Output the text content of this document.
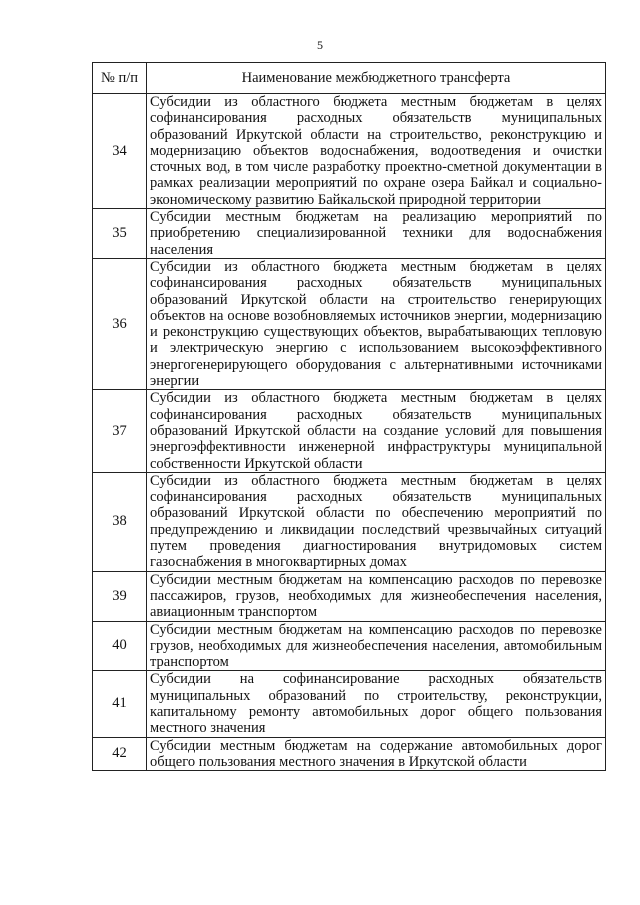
5
№ п/п	Наименование межбюджетного трансферта
34	Субсидии из областного бюджета местным бюджетам в целях софинансирования расходных обязательств муниципальных образований Иркутской области на строительство, реконструкцию и модернизацию объектов водоснабжения, водоотведения и очистки сточных вод, в том числе разработку проектно-сметной документации в рамках реализации мероприятий по охране озера Байкал и социально-экономическому развитию Байкальской природной территории
35	Субсидии местным бюджетам на реализацию мероприятий по приобретению специализированной техники для водоснабжения населения
36	Субсидии из областного бюджета местным бюджетам в целях софинансирования расходных обязательств муниципальных образований Иркутской области на строительство генерирующих объектов на основе возобновляемых источников энергии, модернизацию и реконструкцию существующих объектов, вырабатывающих тепловую и электрическую энергию с использованием высокоэффективного энергогенерирующего оборудования с альтернативными источниками энергии
37	Субсидии из областного бюджета местным бюджетам в целях софинансирования расходных обязательств муниципальных образований Иркутской области на создание условий для повышения энергоэффективности инженерной инфраструктуры муниципальной собственности Иркутской области
38	Субсидии из областного бюджета местным бюджетам в целях софинансирования расходных обязательств муниципальных образований Иркутской области по обеспечению мероприятий по предупреждению и ликвидации последствий чрезвычайных ситуаций путем проведения диагностирования внутридомовых систем газоснабжения в многоквартирных домах
39	Субсидии местным бюджетам на компенсацию расходов по перевозке пассажиров, грузов, необходимых для жизнеобеспечения населения, авиационным транспортом
40	Субсидии местным бюджетам на компенсацию расходов по перевозке грузов, необходимых для жизнеобеспечения населения, автомобильным транспортом
41	Субсидии на софинансирование расходных обязательств муниципальных образований по строительству, реконструкции, капитальному ремонту автомобильных дорог общего пользования местного значения
42	Субсидии местным бюджетам на содержание автомобильных дорог общего пользования местного значения в Иркутской области
